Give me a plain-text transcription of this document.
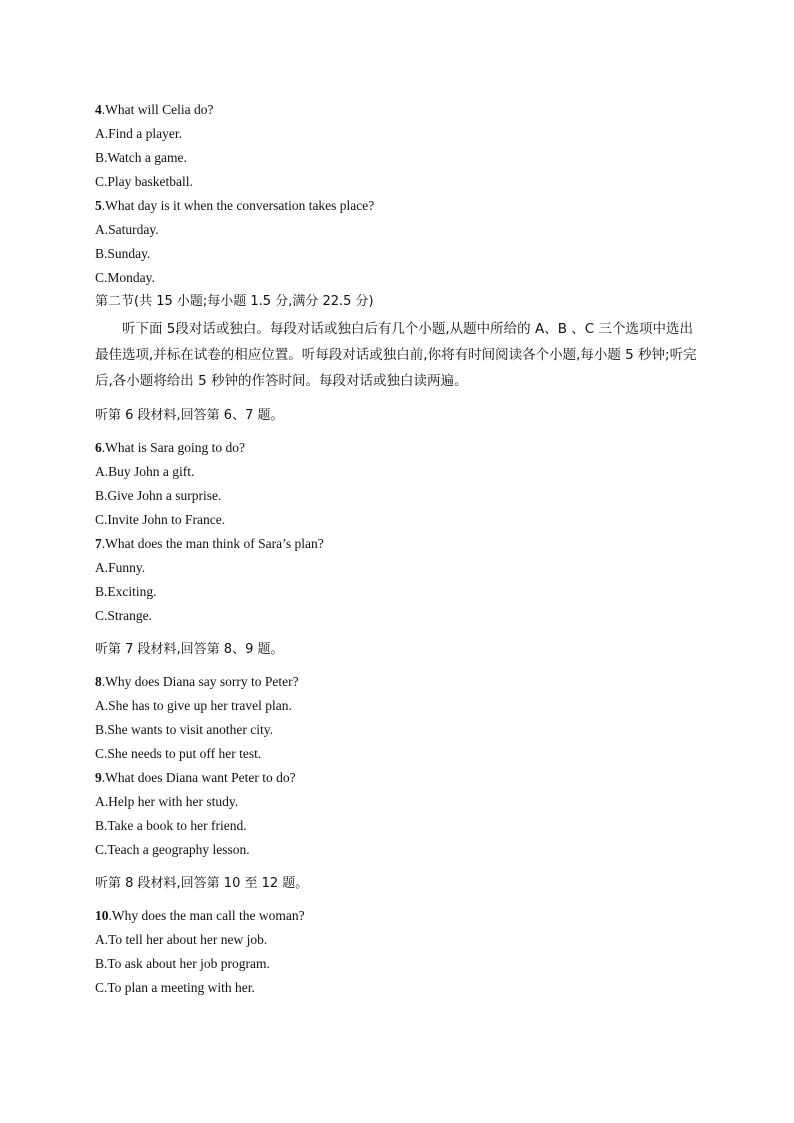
4.What will Celia do?
A.Find a player.
B.Watch a game.
C.Play basketball.
5.What day is it when the conversation takes place?
A.Saturday.
B.Sunday.
C.Monday.
第二节(共 15 小题;每小题 1.5 分,满分 22.5 分)
听下面 5段对话或独白。每段对话或独白后有几个小题,从题中所给的 A、B 、C 三个选项中选出最佳选项,并标在试卷的相应位置。听每段对话或独白前,你将有时间阅读各个小题,每小题 5 秒钟;听完后,各小题将给出 5 秒钟的作答时间。每段对话或独白读两遍。
听第 6 段材料,回答第 6、7 题。
6.What is Sara going to do?
A.Buy John a gift.
B.Give John a surprise.
C.Invite John to France.
7.What does the man think of Sara’s plan?
A.Funny.
B.Exciting.
C.Strange.
听第 7 段材料,回答第 8、9 题。
8.Why does Diana say sorry to Peter?
A.She has to give up her travel plan.
B.She wants to visit another city.
C.She needs to put off her test.
9.What does Diana want Peter to do?
A.Help her with her study.
B.Take a book to her friend.
C.Teach a geography lesson.
听第 8 段材料,回答第 10 至 12 题。
10.Why does the man call the woman?
A.To tell her about her new job.
B.To ask about her job program.
C.To plan a meeting with her.
